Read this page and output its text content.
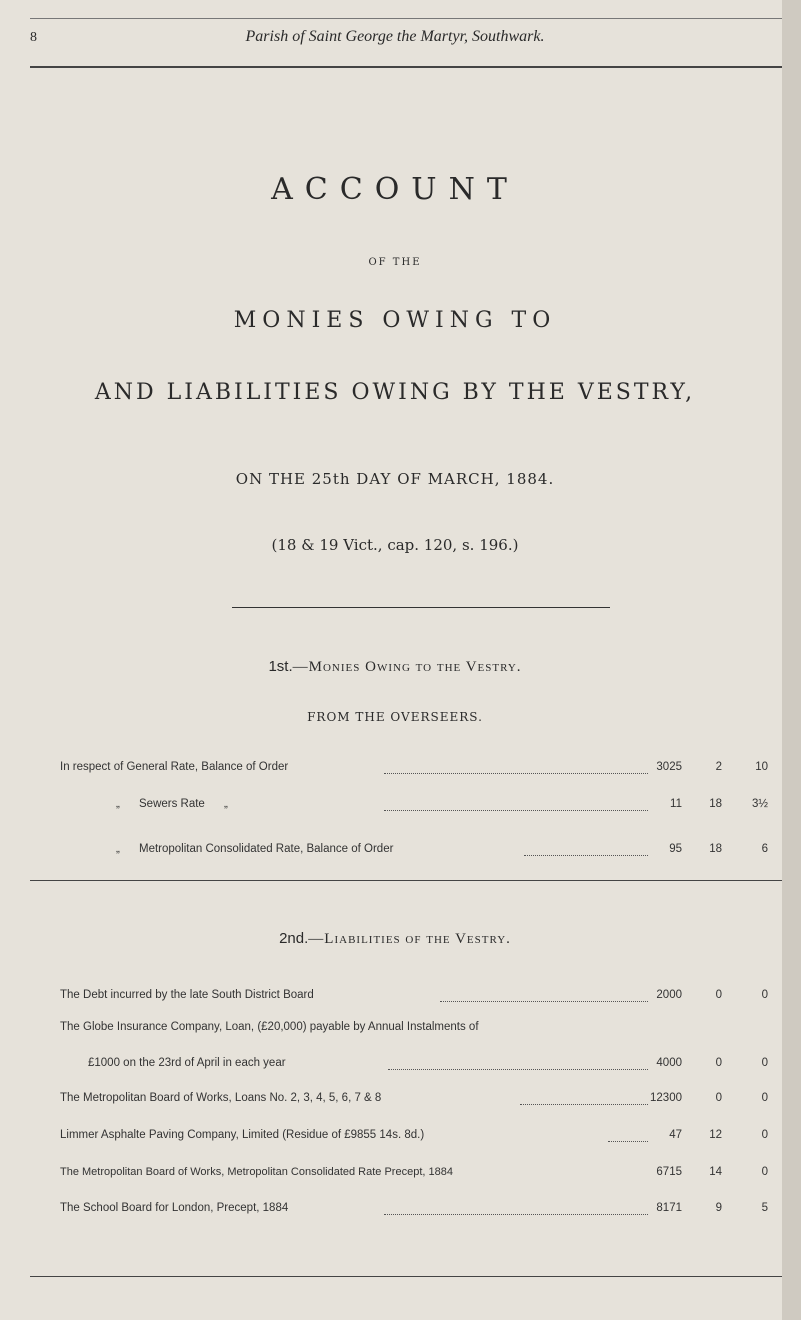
8	Parish of Saint George the Martyr, Southwark.
ACCOUNT
OF THE
MONIES OWING TO
AND LIABILITIES OWING BY THE VESTRY,
ON THE 25th DAY OF MARCH, 1884.
(18 & 19 Vict., cap. 120, s. 196.)
1st.—Monies Owing to the Vestry.
FROM THE OVERSEERS.
In respect of General Rate, Balance of Order	3025	2	10
„      Sewers Rate      „	11	18	3½
„      Metropolitan Consolidated Rate, Balance of Order	95	18	6
2nd.—Liabilities of the Vestry.
The Debt incurred by the late South District Board	2000	0	0
The Globe Insurance Company, Loan, (£20,000) payable by Annual Instalments of
£1000 on the 23rd of April in each year	4000	0	0
The Metropolitan Board of Works, Loans No. 2, 3, 4, 5, 6, 7 & 8	12300	0	0
Limmer Asphalte Paving Company, Limited (Residue of £9855 14s. 8d.)	47	12	0
The Metropolitan Board of Works, Metropolitan Consolidated Rate Precept, 1884	6715	14	0
The School Board for London, Precept, 1884	8171	9	5
